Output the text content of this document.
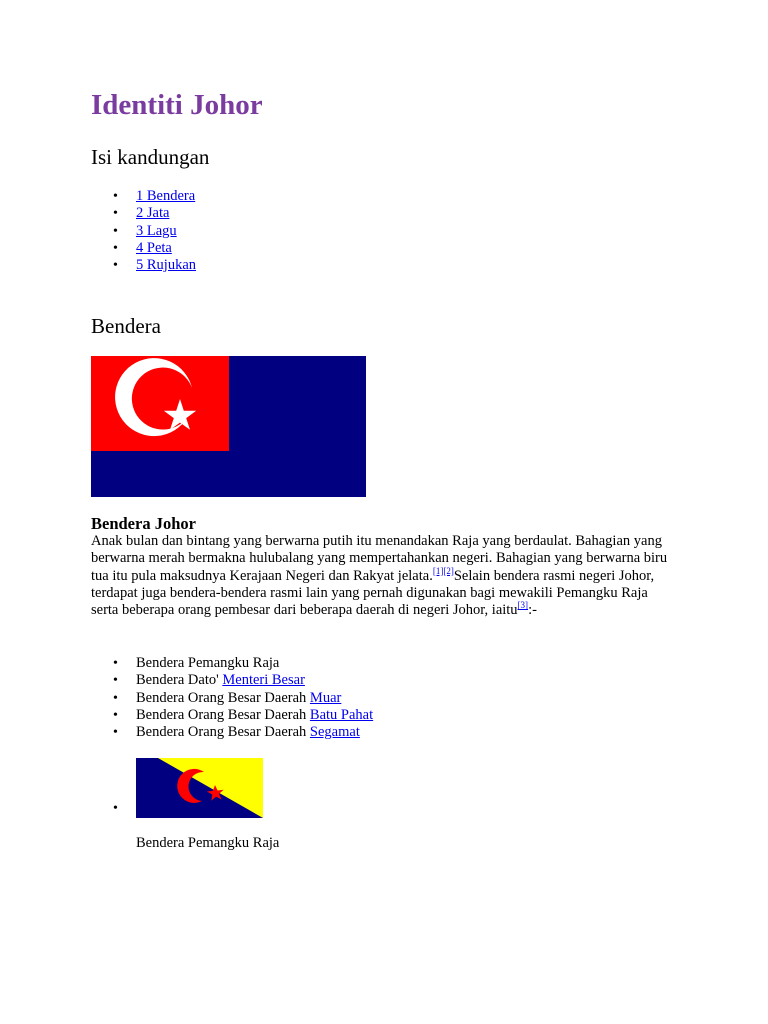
Identiti Johor
Isi kandungan
• 1 Bendera
• 2 Jata
• 3 Lagu
• 4 Peta
• 5 Rujukan
Bendera
Bendera Johor

Anak bulan dan bintang yang berwarna putih itu menandakan Raja yang berdaulat. Bahagian yang berwarna merah bermakna hulubalang yang mempertahankan negeri. Bahagian yang berwarna biru tua itu pula maksudnya Kerajaan Negeri dan Rakyat jelata.[1][2]Selain bendera rasmi negeri Johor, terdapat juga bendera-bendera rasmi lain yang pernah digunakan bagi mewakili Pemangku Raja serta beberapa orang pembesar dari beberapa daerah di negeri Johor, iaitu[3]:-

• Bendera Pemangku Raja
• Bendera Dato' Menteri Besar
• Bendera Orang Besar Daerah Muar
• Bendera Orang Besar Daerah Batu Pahat
• Bendera Orang Besar Daerah Segamat
•
Bendera Pemangku Raja
